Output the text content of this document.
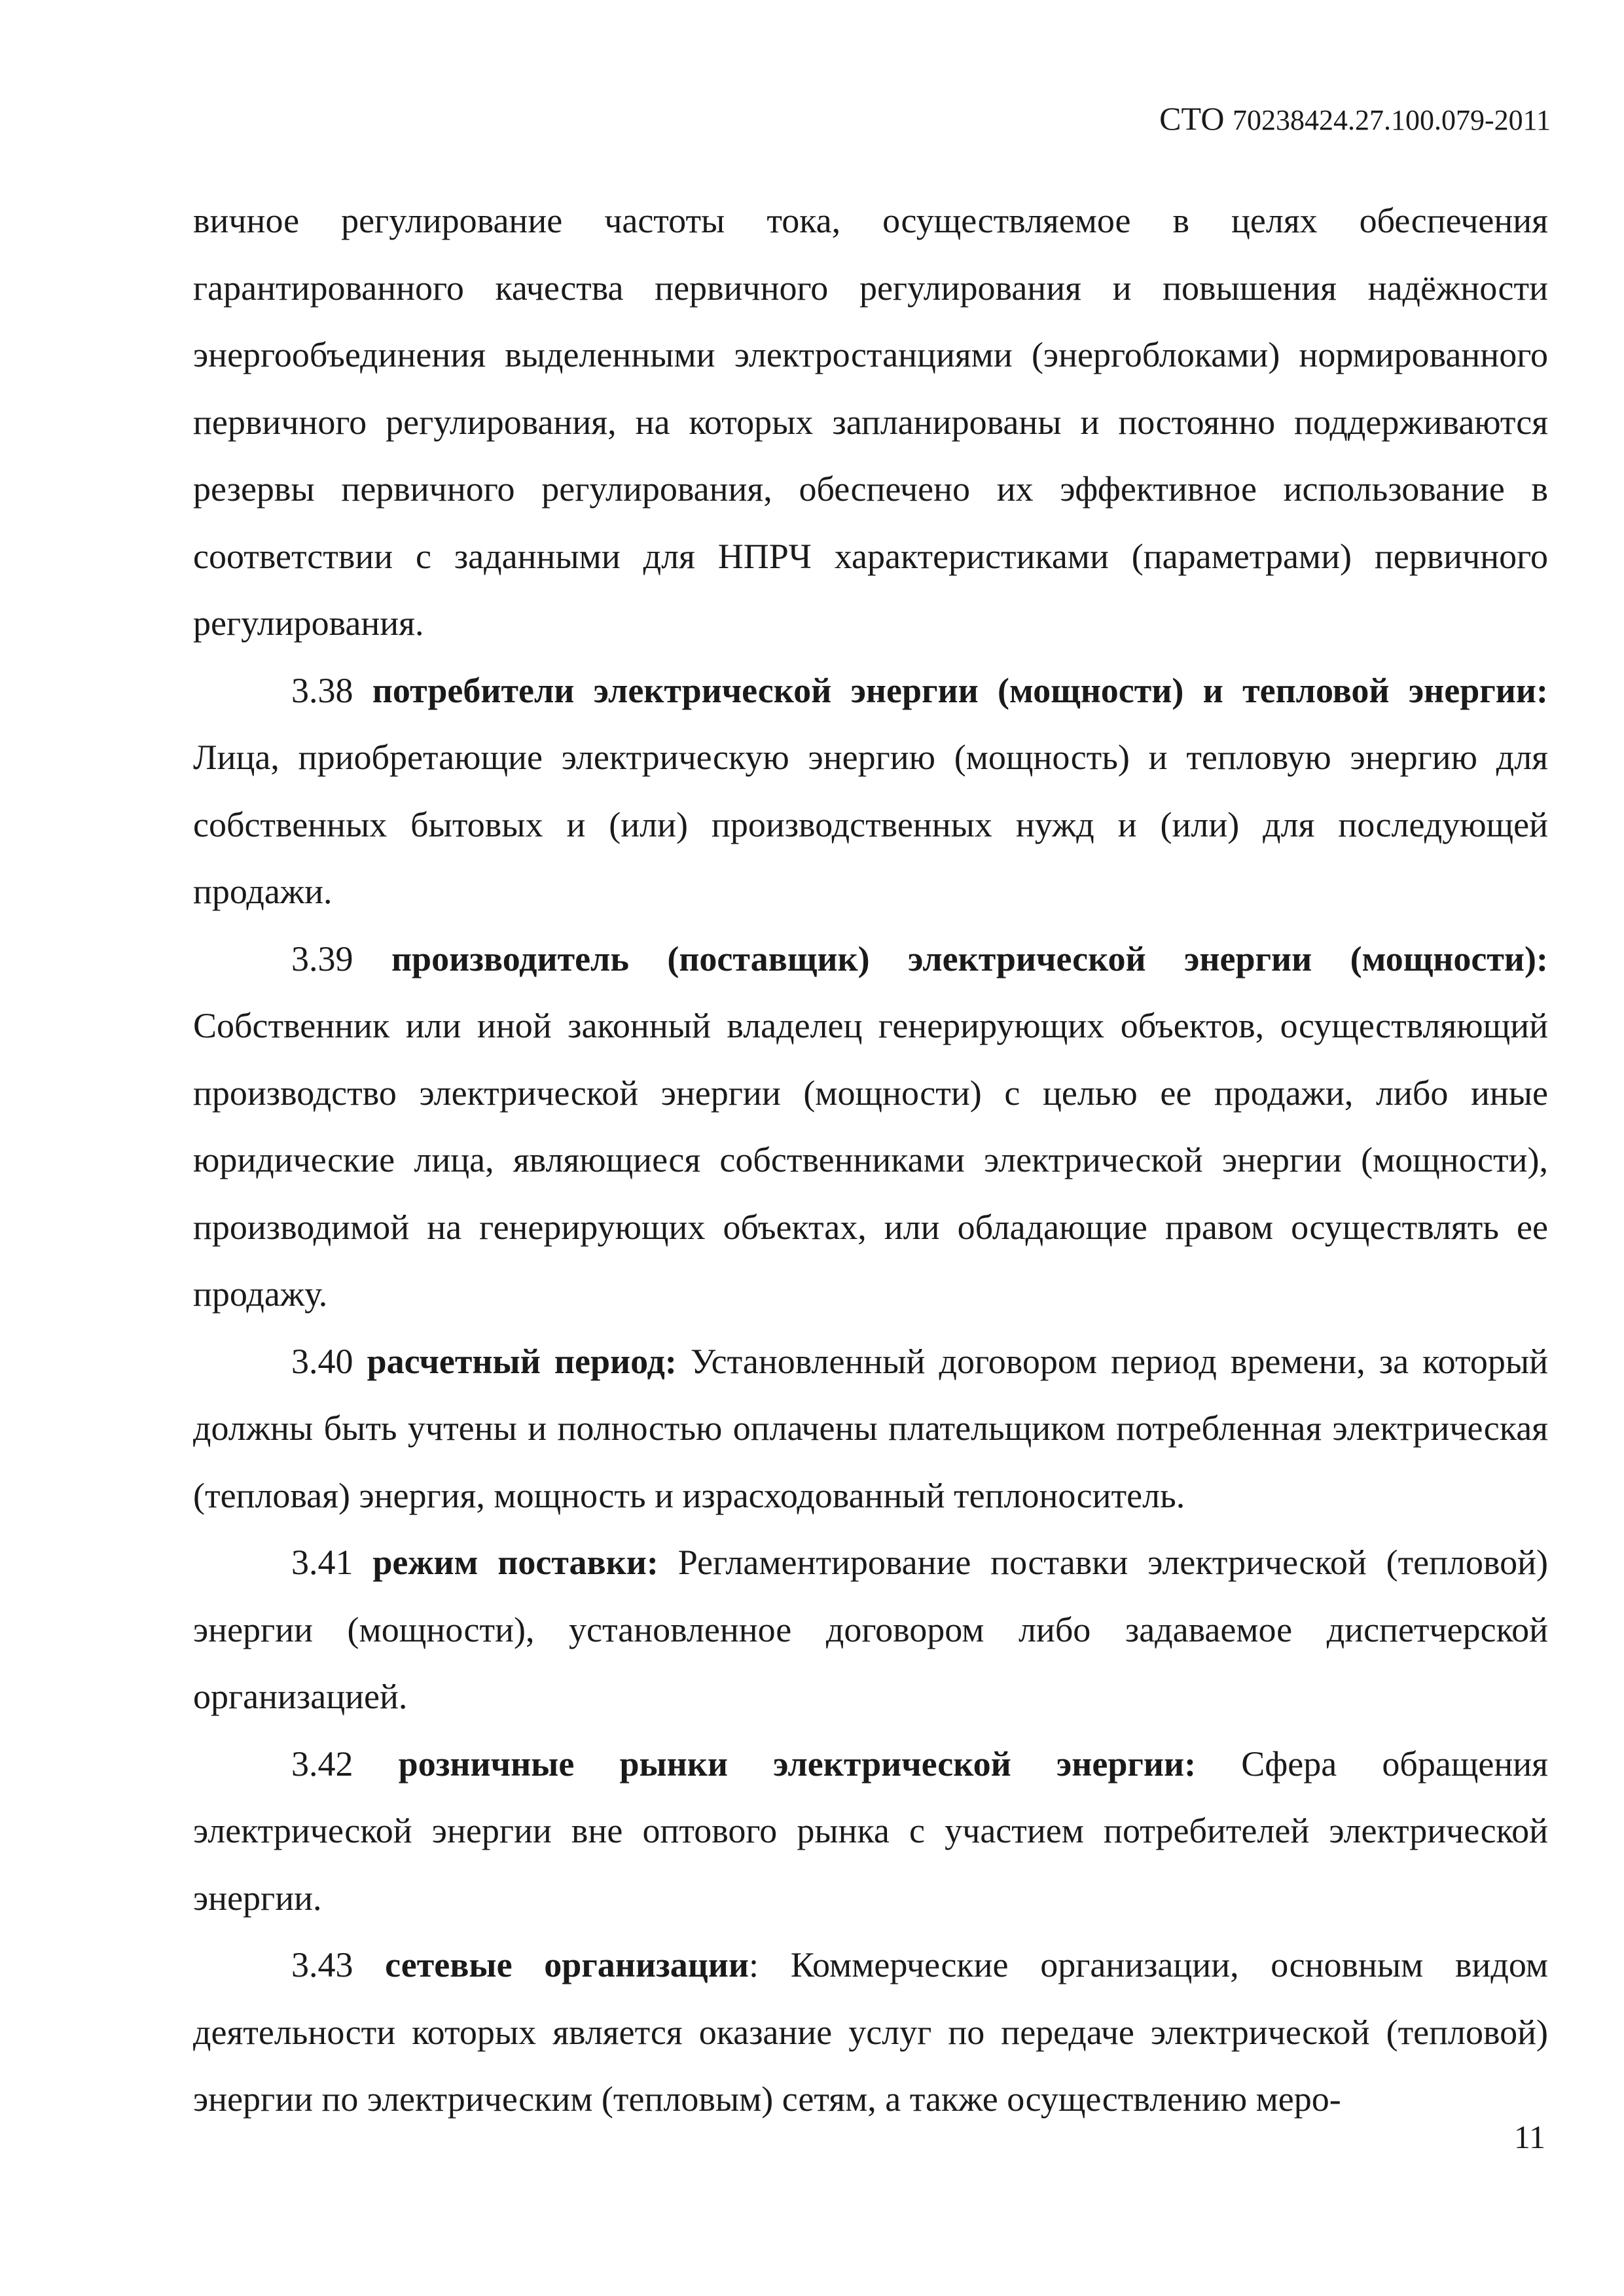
СТО 70238424.27.100.079-2011

вичное регулирование частоты тока, осуществляемое в целях обеспечения гарантированного качества первичного регулирования и повышения надёжности энергообъединения выделенными электростанциями (энергоблоками) нормированного первичного регулирования, на которых запланированы и постоянно поддерживаются резервы первичного регулирования, обеспечено их эффективное использование в соответствии с заданными для НПРЧ характеристиками (параметрами) первичного регулирования.

3.38 потребители электрической энергии (мощности) и тепловой энергии: Лица, приобретающие электрическую энергию (мощность) и тепловую энергию для собственных бытовых и (или) производственных нужд и (или) для последующей продажи.

3.39 производитель (поставщик) электрической энергии (мощности): Собственник или иной законный владелец генерирующих объектов, осуществляющий производство электрической энергии (мощности) с целью ее продажи, либо иные юридические лица, являющиеся собственниками электрической энергии (мощности), производимой на генерирующих объектах, или обладающие правом осуществлять ее продажу.

3.40 расчетный период: Установленный договором период времени, за который должны быть учтены и полностью оплачены плательщиком потребленная электрическая (тепловая) энергия, мощность и израсходованный теплоноситель.

3.41 режим поставки: Регламентирование поставки электрической (тепловой) энергии (мощности), установленное договором либо задаваемое диспетчерской организацией.

3.42 розничные рынки электрической энергии: Сфера обращения электрической энергии вне оптового рынка с участием потребителей электрической энергии.

3.43 сетевые организации: Коммерческие организации, основным видом деятельности которых является оказание услуг по передаче электрической (тепловой) энергии по электрическим (тепловым) сетям, а также осуществлению меро-

11
